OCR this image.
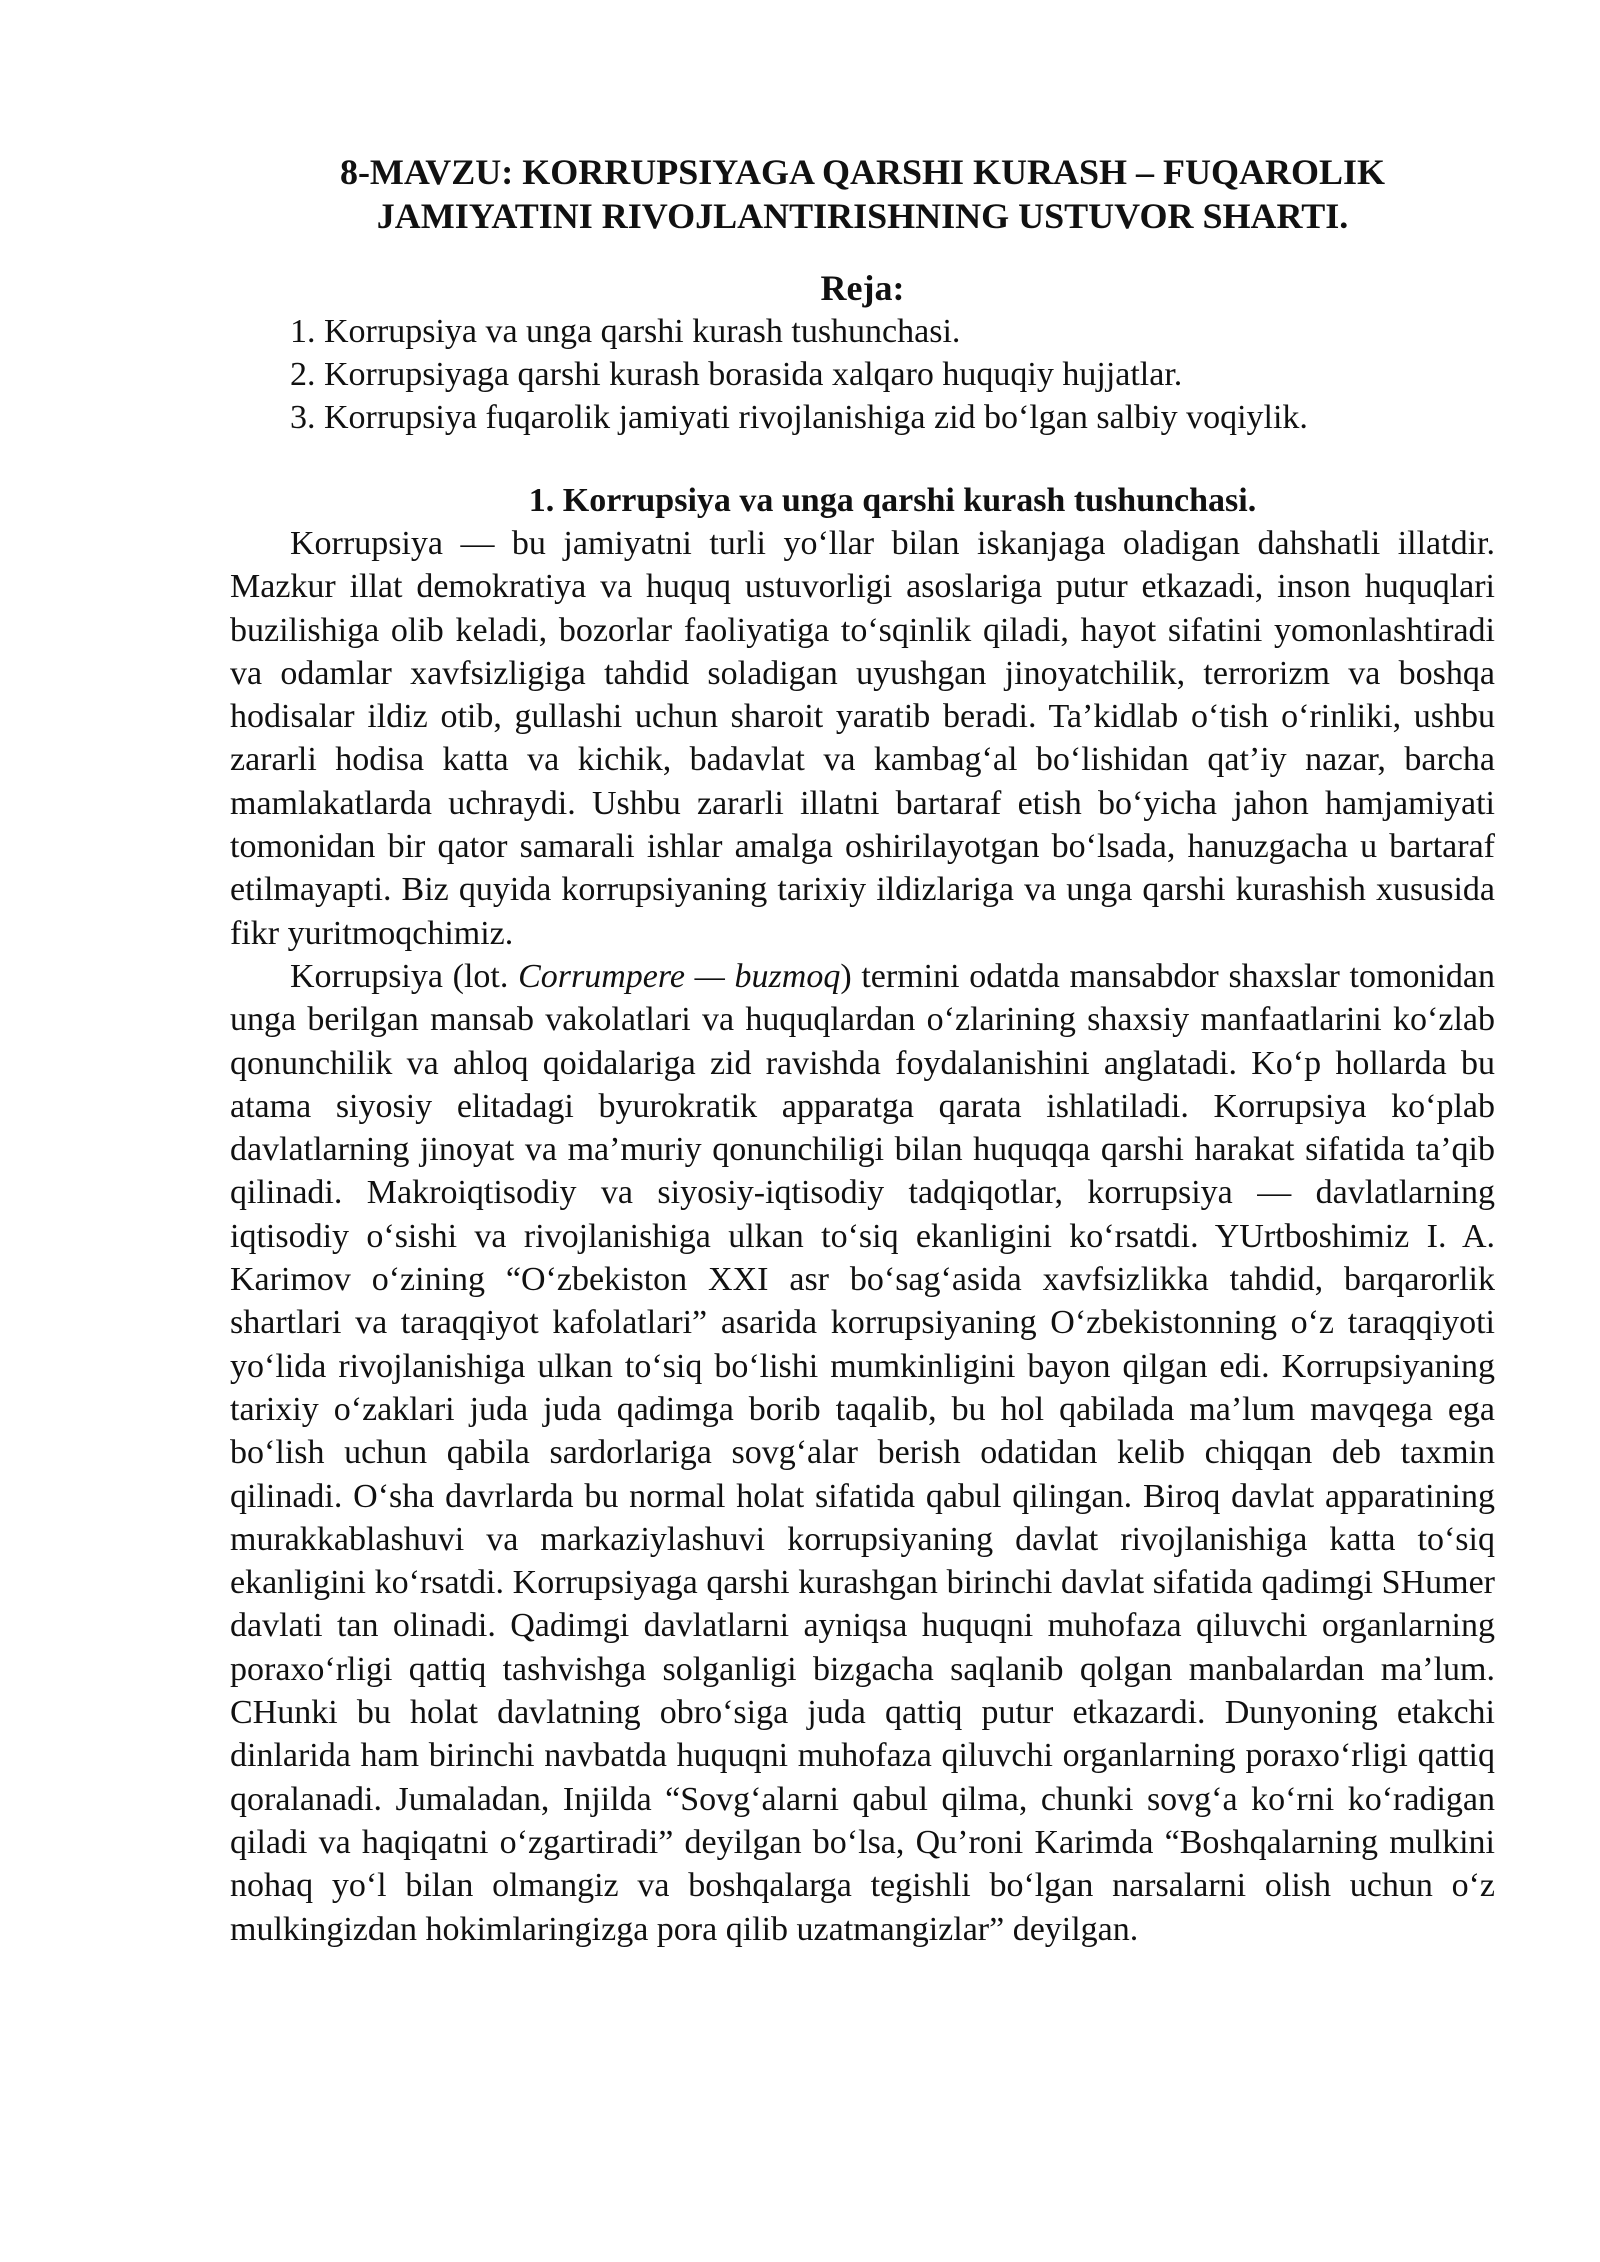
8-MAVZU: KORRUPSIYAGA QARSHI KURASH – FUQAROLIK
JAMIYATINI RIVOJLANTIRISHNING USTUVOR SHARTI.
Reja:
1. Korrupsiya va unga qarshi kurash tushunchasi.
2. Korrupsiyaga qarshi kurash borasida xalqaro huquqiy hujjatlar.
3. Korrupsiya fuqarolik jamiyati rivojlanishiga zid bo‘lgan salbiy voqiylik.
1. Korrupsiya va unga qarshi kurash tushunchasi.

Korrupsiya — bu jamiyatni turli yo‘llar bilan iskanjaga oladigan dahshatli illatdir. Mazkur illat demokratiya va huquq ustuvorligi asoslariga putur etkazadi, inson huquqlari buzilishiga olib keladi, bozorlar faoliyatiga to‘sqinlik qiladi, hayot sifatini yomonlashtiradi va odamlar xavfsizligiga tahdid soladigan uyushgan jinoyatchilik, terrorizm va boshqa hodisalar ildiz otib, gullashi uchun sharoit yaratib beradi. Ta’kidlab o‘tish o‘rinliki, ushbu zararli hodisa katta va kichik, badavlat va kambag‘al bo‘lishidan qat’iy nazar, barcha mamlakatlarda uchraydi. Ushbu zararli illatni bartaraf etish bo‘yicha jahon hamjamiyati tomonidan bir qator samarali ishlar amalga oshirilayotgan bo‘lsada, hanuzgacha u bartaraf etilmayapti. Biz quyida korrupsiyaning tarixiy ildizlariga va unga qarshi kurashish xususida fikr yuritmoqchimiz.

Korrupsiya (lot. Corrumpere — buzmoq) termini odatda mansabdor shaxslar tomonidan unga berilgan mansab vakolatlari va huquqlardan o‘zlarining shaxsiy manfaatlarini ko‘zlab qonunchilik va ahloq qoidalariga zid ravishda foydalanishini anglatadi. Ko‘p hollarda bu atama siyosiy elitadagi byurokratik apparatga qarata ishlatiladi. Korrupsiya ko‘plab davlatlarning jinoyat va ma’muriy qonunchiligi bilan huquqqa qarshi harakat sifatida ta’qib qilinadi. Makroiqtisodiy va siyosiy-iqtisodiy tadqiqotlar, korrupsiya — davlatlarning iqtisodiy o‘sishi va rivojlanishiga ulkan to‘siq ekanligini ko‘rsatdi. YUrtboshimiz I. A. Karimov o‘zining “O‘zbekiston XXI asr bo‘sag‘asida xavfsizlikka tahdid, barqarorlik shartlari va taraqqiyot kafolatlari” asarida korrupsiyaning O‘zbekistonning o‘z taraqqiyoti yo‘lida rivojlanishiga ulkan to‘siq bo‘lishi mumkinligini bayon qilgan edi. Korrupsiyaning tarixiy o‘zaklari juda juda qadimga borib taqalib, bu hol qabilada ma’lum mavqega ega bo‘lish uchun qabila sardorlariga sovg‘alar berish odatidan kelib chiqqan deb taxmin qilinadi. O‘sha davrlarda bu normal holat sifatida qabul qilingan. Biroq davlat apparatining murakkablashuvi va markaziylashuvi korrupsiyaning davlat rivojlanishiga katta to‘siq ekanligini ko‘rsatdi. Korrupsiyaga qarshi kurashgan birinchi davlat sifatida qadimgi SHumer davlati tan olinadi. Qadimgi davlatlarni ayniqsa huquqni muhofaza qiluvchi organlarning poraxo‘rligi qattiq tashvishga solganligi bizgacha saqlanib qolgan manbalardan ma’lum. CHunki bu holat davlatning obro‘siga juda qattiq putur etkazardi. Dunyoning etakchi dinlarida ham birinchi navbatda huquqni muhofaza qiluvchi organlarning poraxo‘rligi qattiq qoralanadi. Jumaladan, Injilda “Sovg‘alarni qabul qilma, chunki sovg‘a ko‘rni ko‘radigan qiladi va haqiqatni o‘zgartiradi” deyilgan bo‘lsa, Qu’roni Karimda “Boshqalarning mulkini nohaq yo‘l bilan olmangiz va boshqalarga tegishli bo‘lgan narsalarni olish uchun o‘z mulkingizdan hokimlaringizga pora qilib uzatmangizlar” deyilgan.
